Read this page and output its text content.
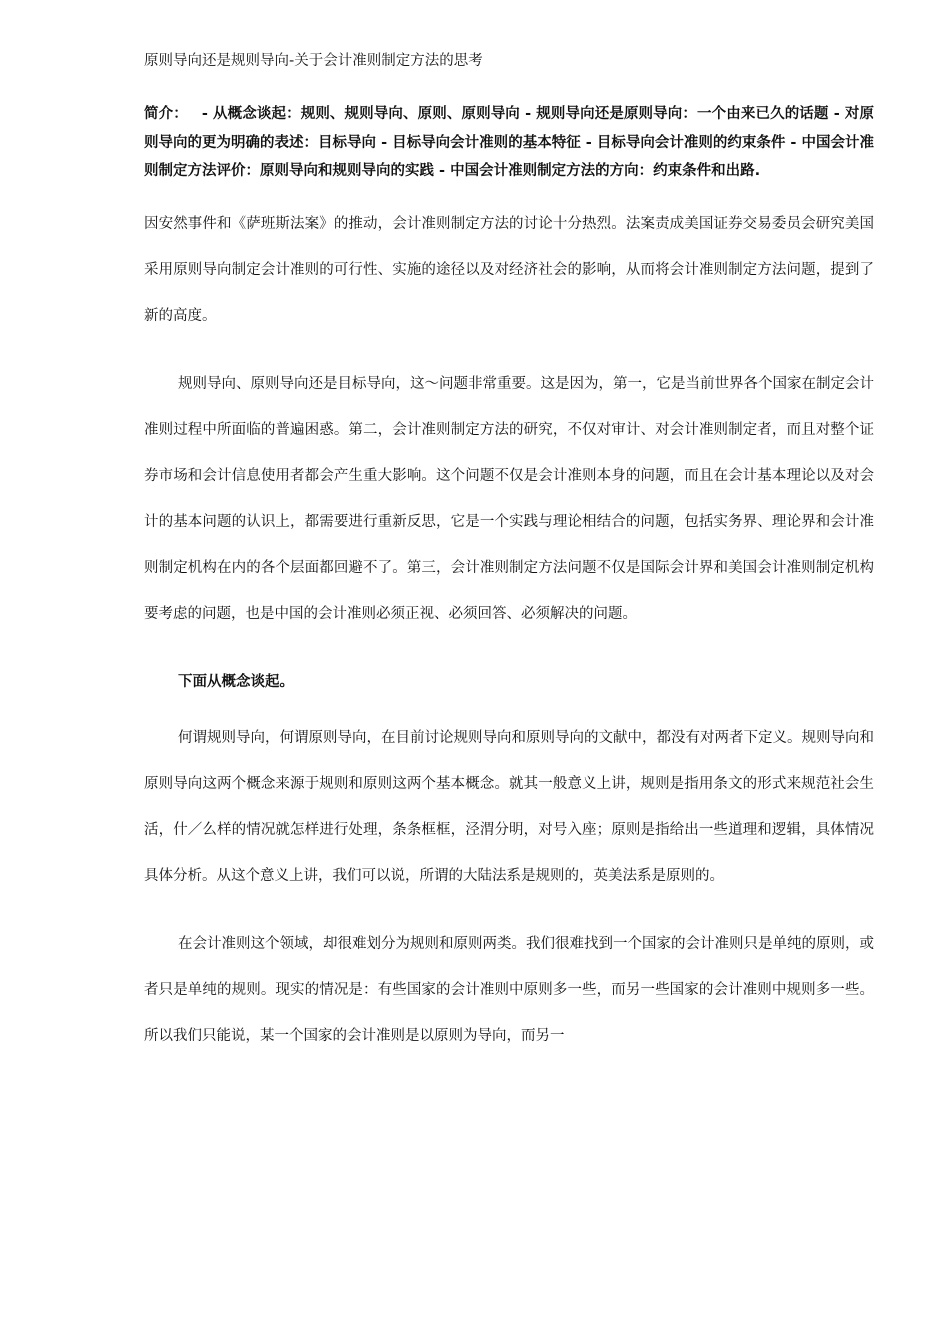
原则导向还是规则导向-关于会计准则制定方法的思考
简介： - 从概念谈起：规则、规则导向、原则、原则导向 - 规则导向还是原则导向：一个由来已久的话题 - 对原则导向的更为明确的表述：目标导向 - 目标导向会计准则的基本特征 - 目标导向会计准则的约束条件 - 中国会计准则制定方法评价：原则导向和规则导向的实践 - 中国会计准则制定方法的方向：约束条件和出路.

因安然事件和《萨班斯法案》的推动，会计准则制定方法的讨论十分热烈。法案责成美国证券交易委员会研究美国采用原则导向制定会计准则的可行性、实施的途径以及对经济社会的影响，从而将会计准则制定方法问题，提到了新的高度。

规则导向、原则导向还是目标导向，这～问题非常重要。这是因为，第一，它是当前世界各个国家在制定会计准则过程中所面临的普遍困惑。第二，会计准则制定方法的研究，不仅对审计、对会计准则制定者，而且对整个证券市场和会计信息使用者都会产生重大影响。这个问题不仅是会计准则本身的问题，而且在会计基本理论以及对会计的基本问题的认识上，都需要进行重新反思，它是一个实践与理论相结合的问题，包括实务界、理论界和会计准则制定机构在内的各个层面都回避不了。第三，会计准则制定方法问题不仅是国际会计界和美国会计准则制定机构要考虑的问题，也是中国的会计准则必须正视、必须回答、必须解决的问题。

下面从概念谈起。

何谓规则导向，何谓原则导向，在目前讨论规则导向和原则导向的文献中，都没有对两者下定义。规则导向和原则导向这两个概念来源于规则和原则这两个基本概念。就其一般意义上讲，规则是指用条文的形式来规范社会生活，什／么样的情况就怎样进行处理，条条框框，泾渭分明，对号入座；原则是指给出一些道理和逻辑，具体情况具体分析。从这个意义上讲，我们可以说，所谓的大陆法系是规则的，英美法系是原则的。

在会计准则这个领域，却很难划分为规则和原则两类。我们很难找到一个国家的会计准则只是单纯的原则，或者只是单纯的规则。现实的情况是：有些国家的会计准则中原则多一些，而另一些国家的会计准则中规则多一些。所以我们只能说，某一个国家的会计准则是以原则为导向，而另一
